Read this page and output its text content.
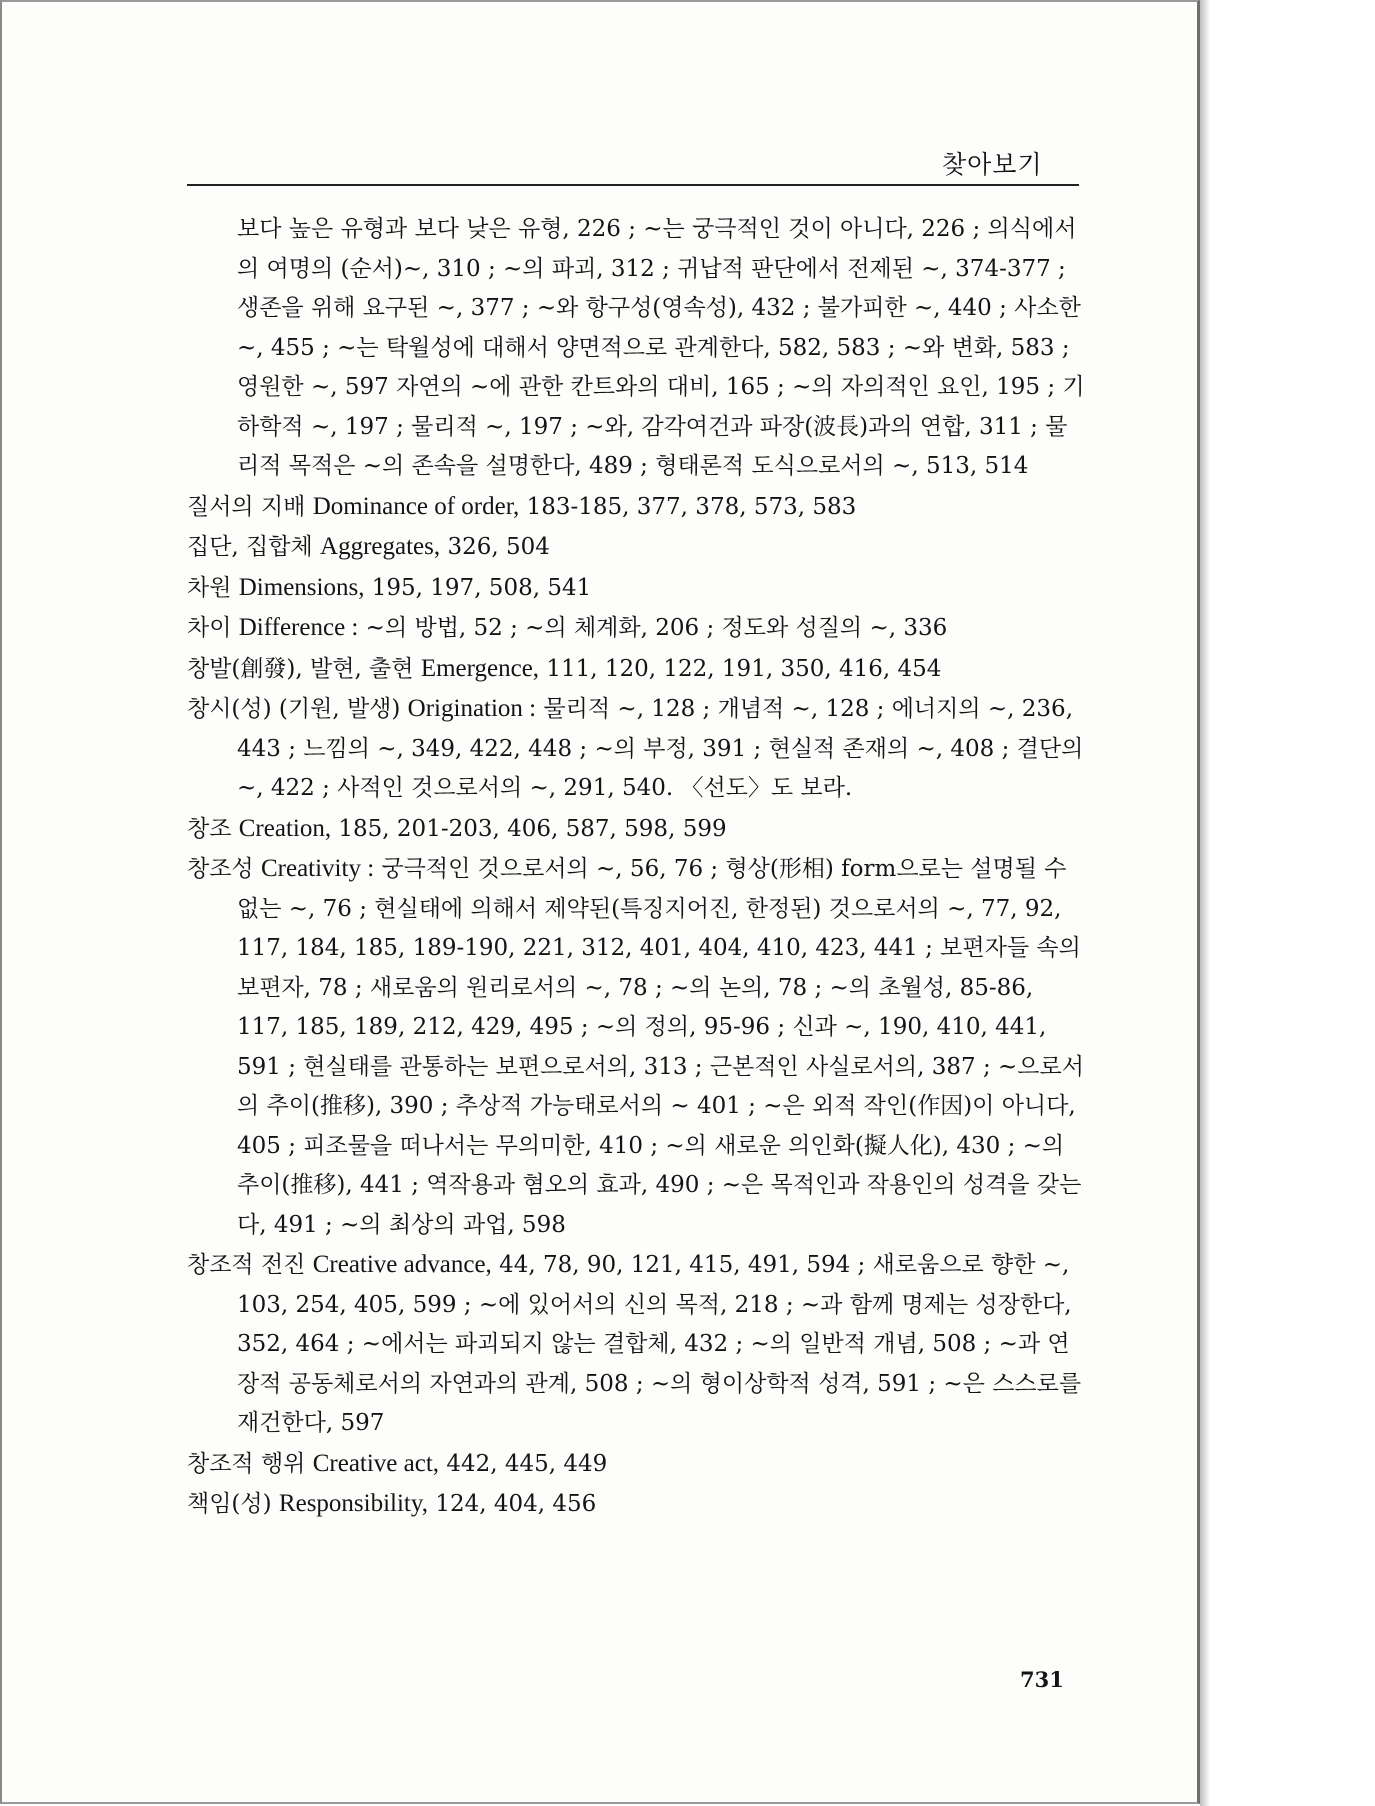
찾아보기

보다 높은 유형과 보다 낮은 유형, 226 ; ~는 궁극적인 것이 아니다, 226 ; 의식에서의 여명의 (순서)~, 310 ; ~의 파괴, 312 ; 귀납적 판단에서 전제된 ~, 374-377 ; 생존을 위해 요구된 ~, 377 ; ~와 항구성(영속성), 432 ; 불가피한 ~, 440 ; 사소한 ~, 455 ; ~는 탁월성에 대해서 양면적으로 관계한다, 582, 583 ; ~와 변화, 583 ; 영원한 ~, 597 자연의 ~에 관한 칸트와의 대비, 165 ; ~의 자의적인 요인, 195 ; 기하학적 ~, 197 ; 물리적 ~, 197 ; ~와, 감각여건과 파장(波長)과의 연합, 311 ; 물리적 목적은 ~의 존속을 설명한다, 489 ; 형태론적 도식으로서의 ~, 513, 514

질서의 지배 Dominance of order, 183-185, 377, 378, 573, 583

집단, 집합체 Aggregates, 326, 504

차원 Dimensions, 195, 197, 508, 541

차이 Difference : ~의 방법, 52 ; ~의 체계화, 206 ; 정도와 성질의 ~, 336

창발(創發), 발현, 출현 Emergence, 111, 120, 122, 191, 350, 416, 454

창시(성) (기원, 발생) Origination : 물리적 ~, 128 ; 개념적 ~, 128 ; 에너지의 ~, 236, 443 ; 느낌의 ~, 349, 422, 448 ; ~의 부정, 391 ; 현실적 존재의 ~, 408 ; 결단의 ~, 422 ; 사적인 것으로서의 ~, 291, 540. 〈선도〉도 보라.

창조 Creation, 185, 201-203, 406, 587, 598, 599

창조성 Creativity : 궁극적인 것으로서의 ~, 56, 76 ; 형상(形相) form으로는 설명될 수 없는 ~, 76 ; 현실태에 의해서 제약된(특징지어진, 한정된) 것으로서의 ~, 77, 92, 117, 184, 185, 189-190, 221, 312, 401, 404, 410, 423, 441 ; 보편자들 속의 보편자, 78 ; 새로움의 원리로서의 ~, 78 ; ~의 논의, 78 ; ~의 초월성, 85-86, 117, 185, 189, 212, 429, 495 ; ~의 정의, 95-96 ; 신과 ~, 190, 410, 441, 591 ; 현실태를 관통하는 보편으로서의, 313 ; 근본적인 사실로서의, 387 ; ~으로서의 추이(推移), 390 ; 추상적 가능태로서의 ~ 401 ; ~은 외적 작인(作因)이 아니다, 405 ; 피조물을 떠나서는 무의미한, 410 ; ~의 새로운 의인화(擬人化), 430 ; ~의 추이(推移), 441 ; 역작용과 혐오의 효과, 490 ; ~은 목적인과 작용인의 성격을 갖는다, 491 ; ~의 최상의 과업, 598

창조적 전진 Creative advance, 44, 78, 90, 121, 415, 491, 594 ; 새로움으로 향한 ~, 103, 254, 405, 599 ; ~에 있어서의 신의 목적, 218 ; ~과 함께 명제는 성장한다, 352, 464 ; ~에서는 파괴되지 않는 결합체, 432 ; ~의 일반적 개념, 508 ; ~과 연장적 공동체로서의 자연과의 관계, 508 ; ~의 형이상학적 성격, 591 ; ~은 스스로를 재건한다, 597

창조적 행위 Creative act, 442, 445, 449

책임(성) Responsibility, 124, 404, 456

731
